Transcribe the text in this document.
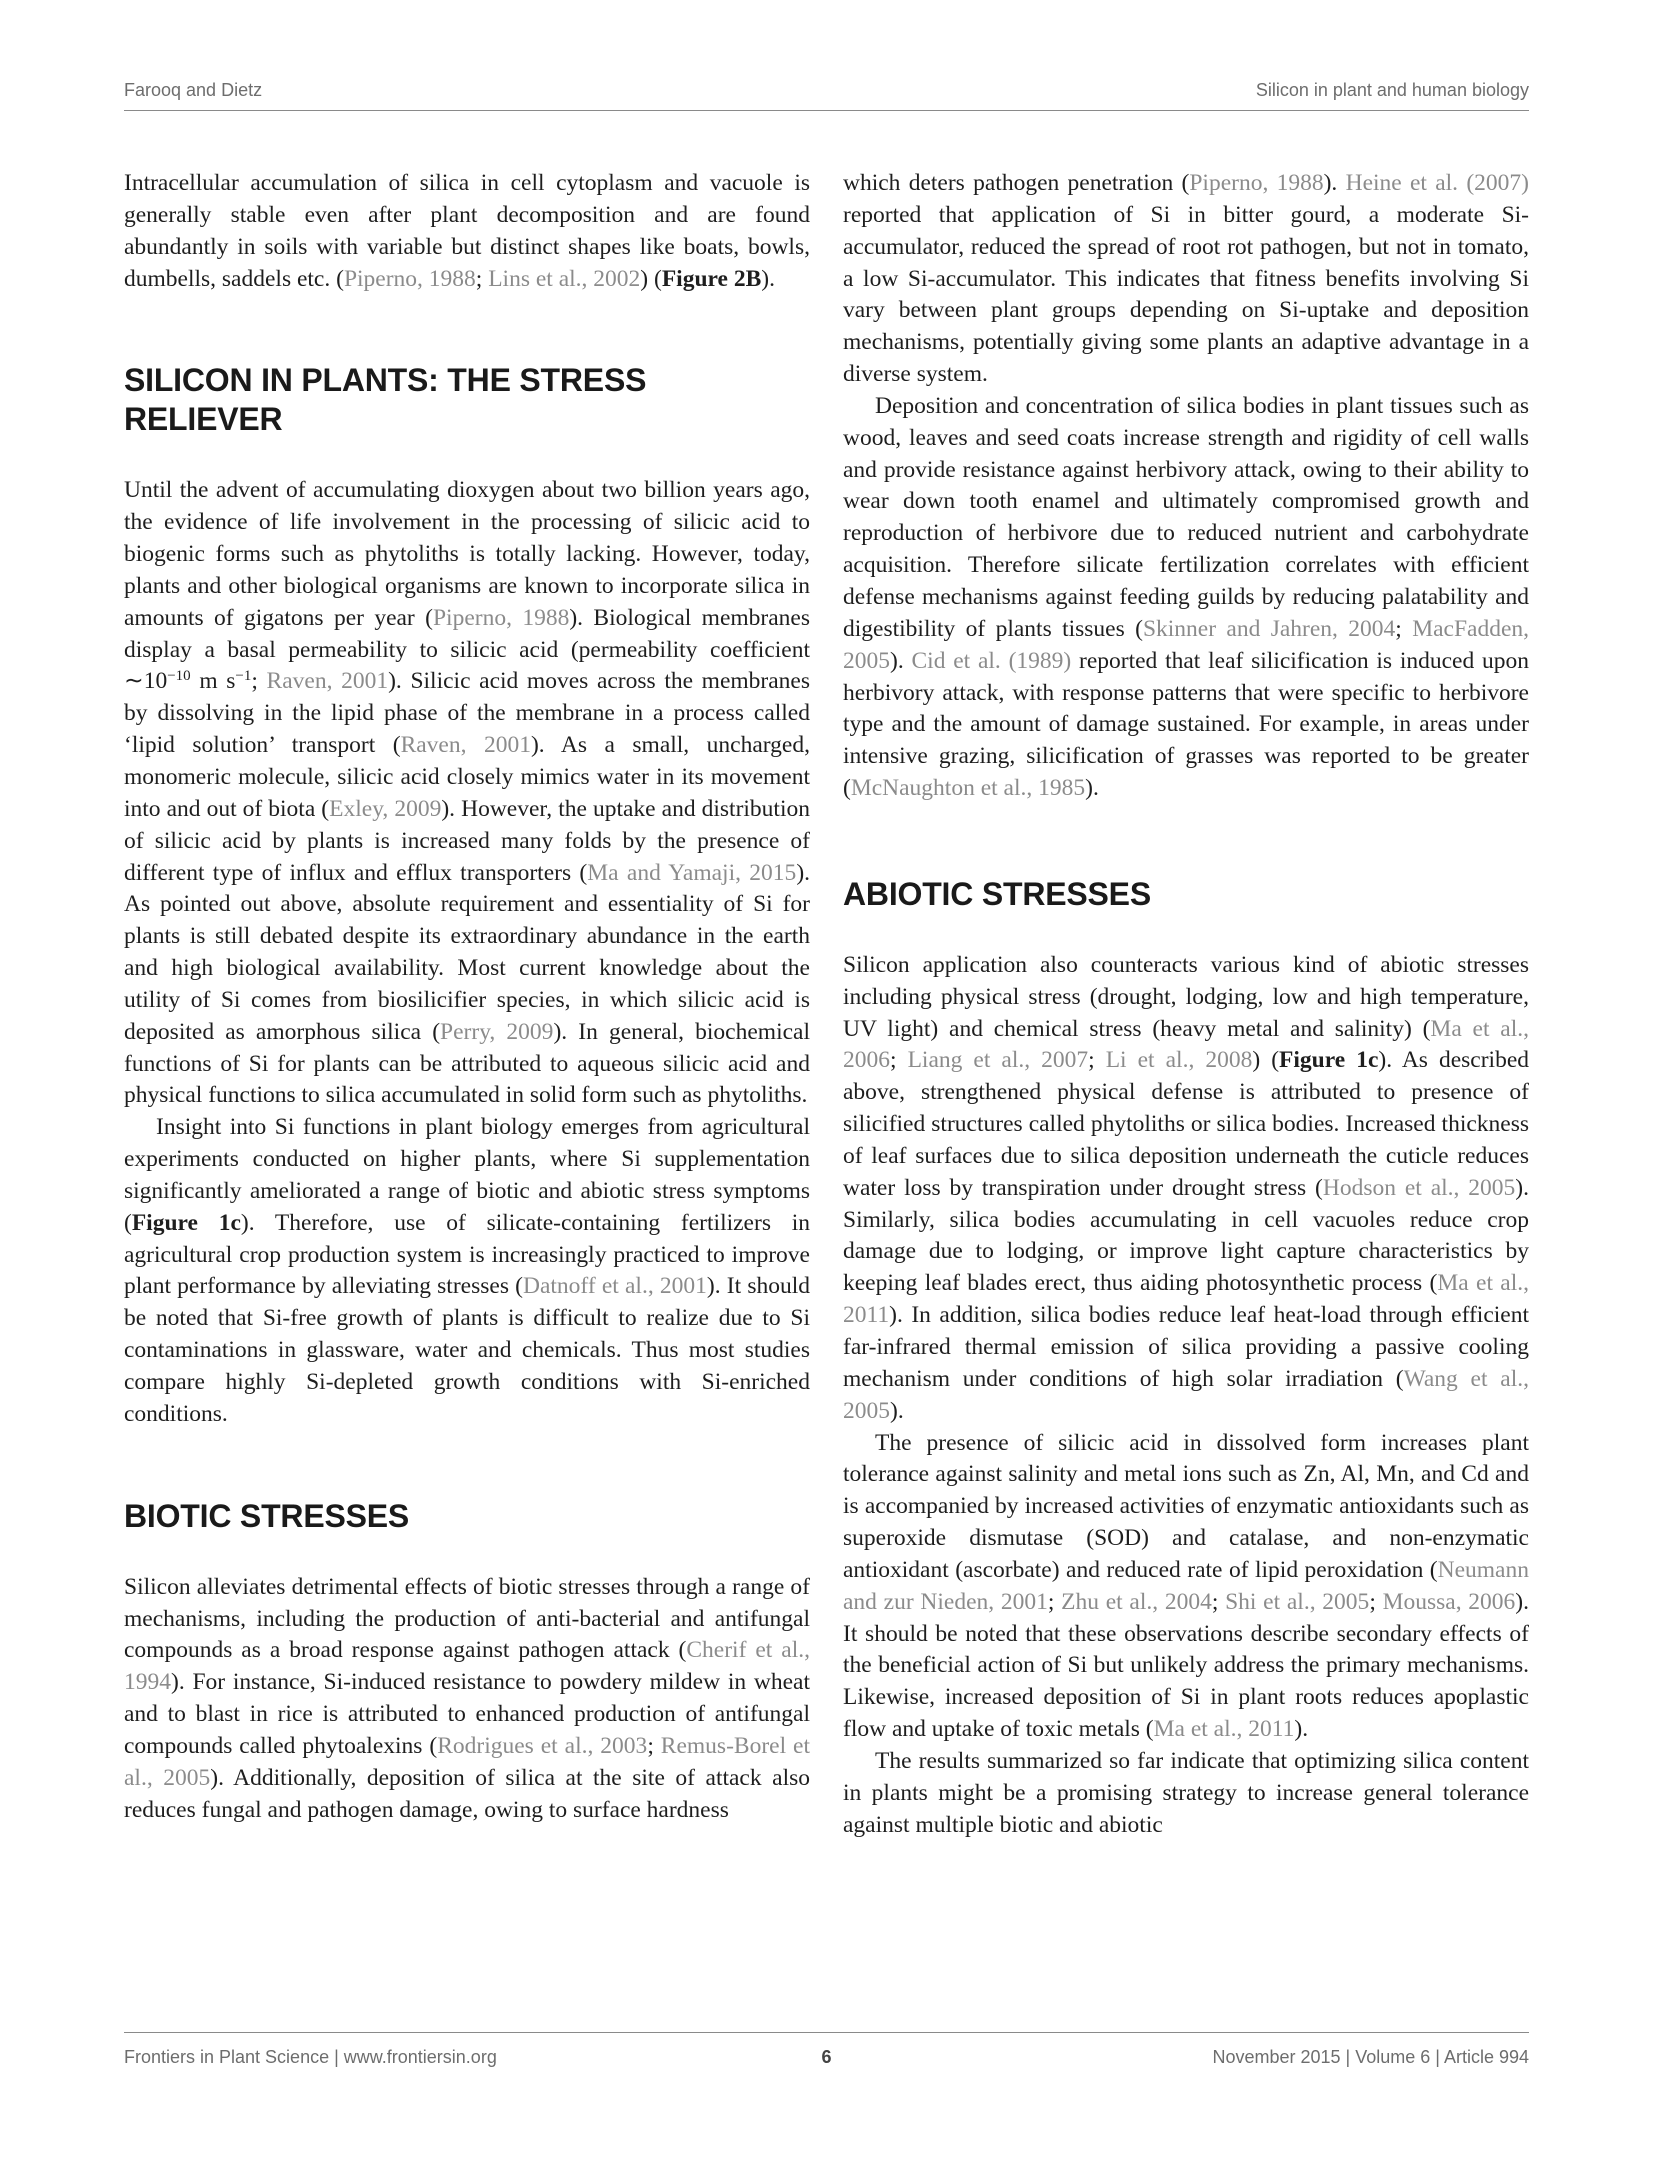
Farooq and Dietz	Silicon in plant and human biology

Intracellular accumulation of silica in cell cytoplasm and vacuole is generally stable even after plant decomposition and are found abundantly in soils with variable but distinct shapes like boats, bowls, dumbells, saddels etc. (Piperno, 1988; Lins et al., 2002) (Figure 2B).

SILICON IN PLANTS: THE STRESS RELIEVER

Until the advent of accumulating dioxygen about two billion years ago, the evidence of life involvement in the processing of silicic acid to biogenic forms such as phytoliths is totally lacking. However, today, plants and other biological organisms are known to incorporate silica in amounts of gigatons per year (Piperno, 1988). Biological membranes display a basal permeability to silicic acid (permeability coefficient $\sim 10^{-10}$ m $s^{-1}$; Raven, 2001). Silicic acid moves across the membranes by dissolving in the lipid phase of the membrane in a process called ‘lipid solution’ transport (Raven, 2001). As a small, uncharged, monomeric molecule, silicic acid closely mimics water in its movement into and out of biota (Exley, 2009). However, the uptake and distribution of silicic acid by plants is increased many folds by the presence of different type of influx and efflux transporters (Ma and Yamaji, 2015). As pointed out above, absolute requirement and essentiality of Si for plants is still debated despite its extraordinary abundance in the earth and high biological availability. Most current knowledge about the utility of Si comes from biosilicifier species, in which silicic acid is deposited as amorphous silica (Perry, 2009). In general, biochemical functions of Si for plants can be attributed to aqueous silicic acid and physical functions to silica accumulated in solid form such as phytoliths.

Insight into Si functions in plant biology emerges from agricultural experiments conducted on higher plants, where Si supplementation significantly ameliorated a range of biotic and abiotic stress symptoms (Figure 1c). Therefore, use of silicate-containing fertilizers in agricultural crop production system is increasingly practiced to improve plant performance by alleviating stresses (Datnoff et al., 2001). It should be noted that Si-free growth of plants is difficult to realize due to Si contaminations in glassware, water and chemicals. Thus most studies compare highly Si-depleted growth conditions with Si-enriched conditions.

BIOTIC STRESSES

Silicon alleviates detrimental effects of biotic stresses through a range of mechanisms, including the production of anti-bacterial and antifungal compounds as a broad response against pathogen attack (Cherif et al., 1994). For instance, Si-induced resistance to powdery mildew in wheat and to blast in rice is attributed to enhanced production of antifungal compounds called phytoalexins (Rodrigues et al., 2003; Remus-Borel et al., 2005). Additionally, deposition of silica at the site of attack also reduces fungal and pathogen damage, owing to surface hardness

which deters pathogen penetration (Piperno, 1988). Heine et al. (2007) reported that application of Si in bitter gourd, a moderate Si-accumulator, reduced the spread of root rot pathogen, but not in tomato, a low Si-accumulator. This indicates that fitness benefits involving Si vary between plant groups depending on Si-uptake and deposition mechanisms, potentially giving some plants an adaptive advantage in a diverse system.

Deposition and concentration of silica bodies in plant tissues such as wood, leaves and seed coats increase strength and rigidity of cell walls and provide resistance against herbivory attack, owing to their ability to wear down tooth enamel and ultimately compromised growth and reproduction of herbivore due to reduced nutrient and carbohydrate acquisition. Therefore silicate fertilization correlates with efficient defense mechanisms against feeding guilds by reducing palatability and digestibility of plants tissues (Skinner and Jahren, 2004; MacFadden, 2005). Cid et al. (1989) reported that leaf silicification is induced upon herbivory attack, with response patterns that were specific to herbivore type and the amount of damage sustained. For example, in areas under intensive grazing, silicification of grasses was reported to be greater (McNaughton et al., 1985).

ABIOTIC STRESSES

Silicon application also counteracts various kind of abiotic stresses including physical stress (drought, lodging, low and high temperature, UV light) and chemical stress (heavy metal and salinity) (Ma et al., 2006; Liang et al., 2007; Li et al., 2008) (Figure 1c). As described above, strengthened physical defense is attributed to presence of silicified structures called phytoliths or silica bodies. Increased thickness of leaf surfaces due to silica deposition underneath the cuticle reduces water loss by transpiration under drought stress (Hodson et al., 2005). Similarly, silica bodies accumulating in cell vacuoles reduce crop damage due to lodging, or improve light capture characteristics by keeping leaf blades erect, thus aiding photosynthetic process (Ma et al., 2011). In addition, silica bodies reduce leaf heat-load through efficient far-infrared thermal emission of silica providing a passive cooling mechanism under conditions of high solar irradiation (Wang et al., 2005).

The presence of silicic acid in dissolved form increases plant tolerance against salinity and metal ions such as Zn, Al, Mn, and Cd and is accompanied by increased activities of enzymatic antioxidants such as superoxide dismutase (SOD) and catalase, and non-enzymatic antioxidant (ascorbate) and reduced rate of lipid peroxidation (Neumann and zur Nieden, 2001; Zhu et al., 2004; Shi et al., 2005; Moussa, 2006). It should be noted that these observations describe secondary effects of the beneficial action of Si but unlikely address the primary mechanisms. Likewise, increased deposition of Si in plant roots reduces apoplastic flow and uptake of toxic metals (Ma et al., 2011).

The results summarized so far indicate that optimizing silica content in plants might be a promising strategy to increase general tolerance against multiple biotic and abiotic

Frontiers in Plant Science | www.frontiersin.org	6	November 2015 | Volume 6 | Article 994
